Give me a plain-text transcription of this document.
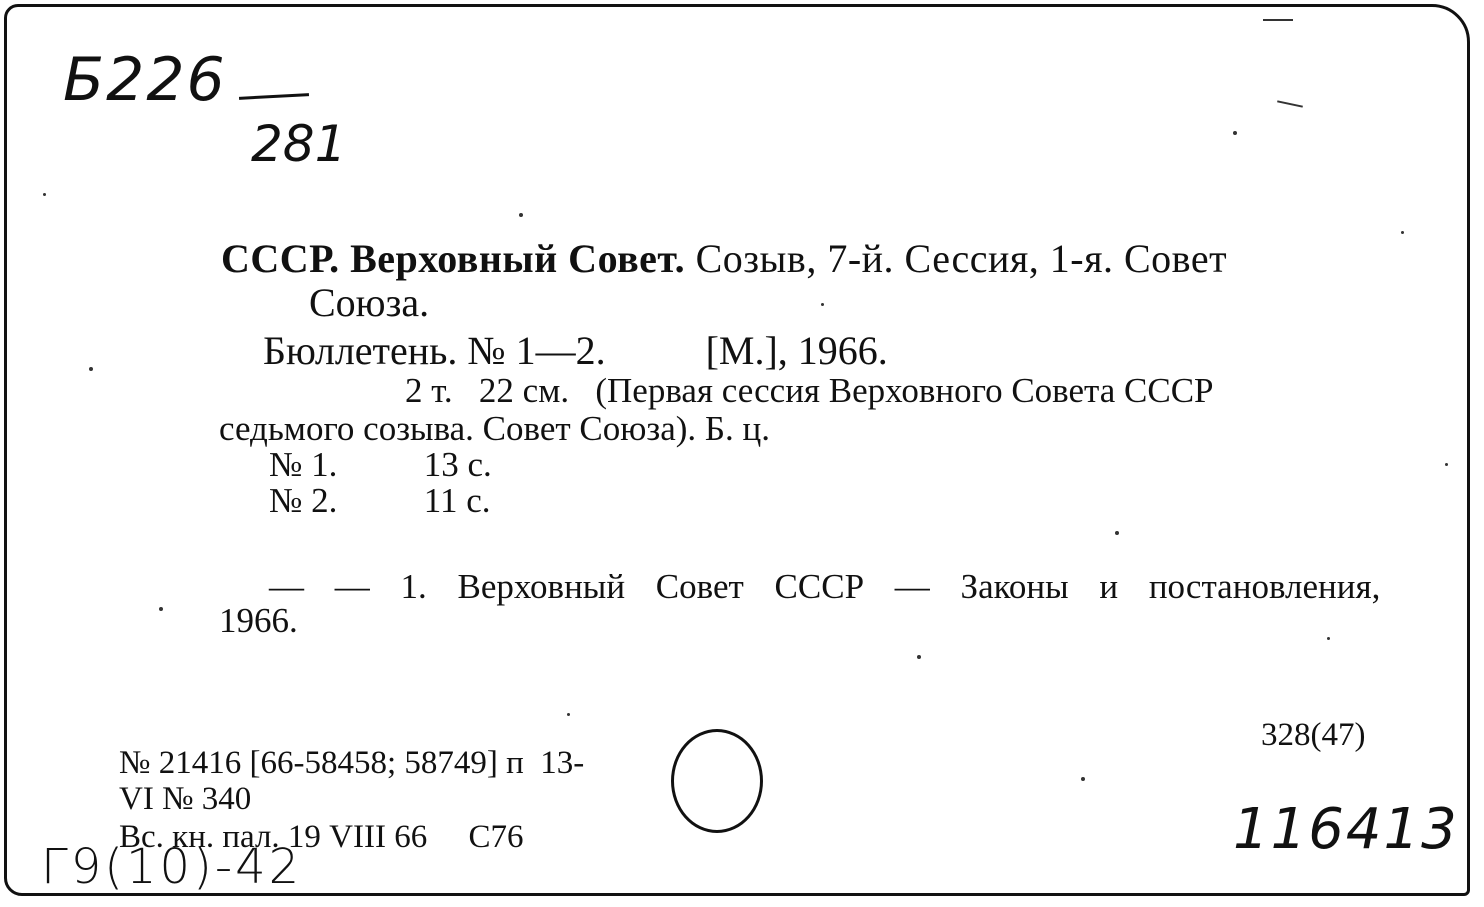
Б226
281
СССР. Верховный Совет. Созыв, 7-й. Сессия, 1-я. Совет
Союза.
Бюллетень. № 1—2.	[М.], 1966.
2 т.   22 см.   (Первая сессия Верховного Совета СССР
седьмого созыва. Совет Союза). Б. ц.
№ 1. 13 с.
№ 2. 11 с.
— — 1. Верховный Совет СССР — Законы и постановления,
1966.
328(47)
№ 21416 [66-58458; 58749] п  13-
VI № 340
Вс. кн. пал. 19 VIII 66     С76
Г9(10)-42
116413
